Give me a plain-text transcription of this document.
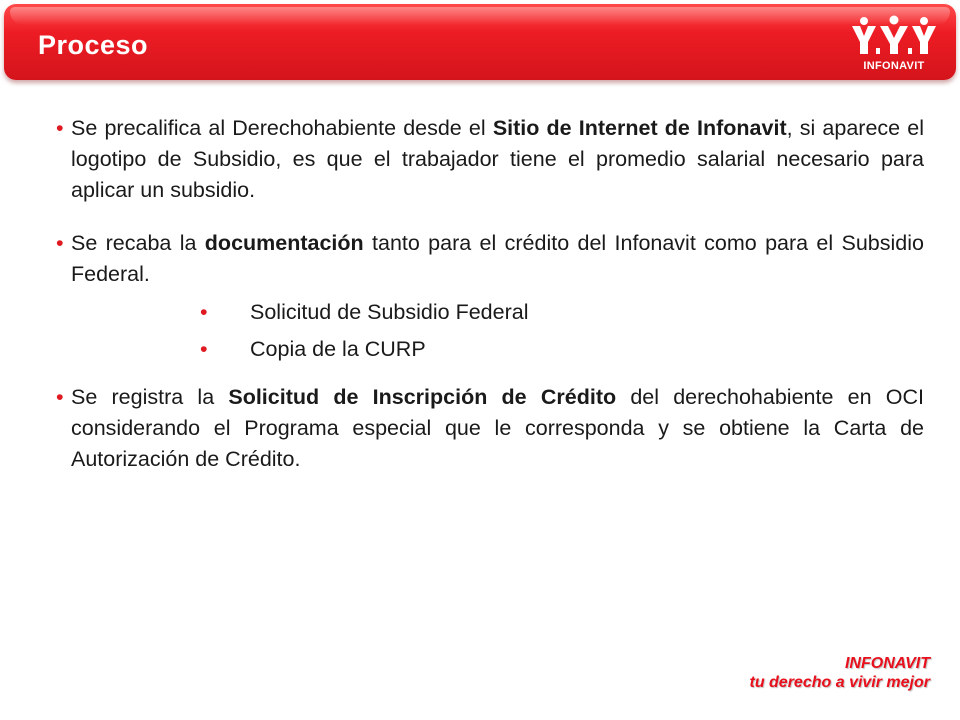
Proceso
INFONAVIT
• Se precalifica al Derechohabiente desde el Sitio de Internet de Infonavit, si aparece el logotipo de Subsidio, es que el trabajador tiene el promedio salarial necesario para aplicar un subsidio.
• Se recaba la documentación tanto para el crédito del Infonavit como para el Subsidio Federal.
• Solicitud de Subsidio Federal
• Copia de la CURP
• Se registra la Solicitud de Inscripción de Crédito del derechohabiente en OCI considerando el Programa especial que le corresponda y se obtiene la Carta de Autorización de Crédito.
INFONAVIT
tu derecho a vivir mejor
